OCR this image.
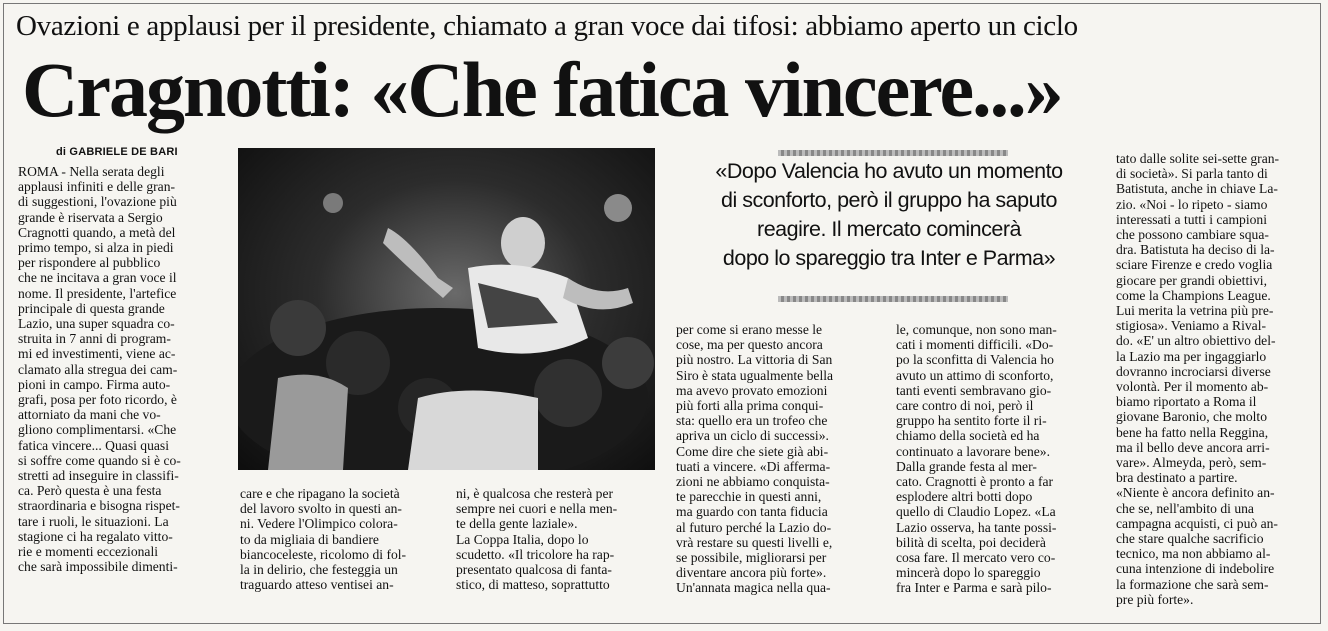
Ovazioni e applausi per il presidente, chiamato a gran voce dai tifosi: abbiamo aperto un ciclo
Cragnotti: «Che fatica vincere...»
di GABRIELE DE BARI
ROMA - Nella serata degli
applausi infiniti e delle gran-
di suggestioni, l'ovazione più
grande è riservata a Sergio
Cragnotti quando, a metà del
primo tempo, si alza in piedi
per rispondere al pubblico
che ne incitava a gran voce il
nome. Il presidente, l'artefice
principale di questa grande
Lazio, una super squadra co-
struita in 7 anni di program-
mi ed investimenti, viene ac-
clamato alla stregua dei cam-
pioni in campo. Firma auto-
grafi, posa per foto ricordo, è
attorniato da mani che vo-
gliono complimentarsi. «Che
fatica vincere... Quasi quasi
si soffre come quando si è co-
stretti ad inseguire in classifi-
ca. Però questa è una festa
straordinaria e bisogna rispet-
tare i ruoli, le situazioni. La
stagione ci ha regalato vitto-
rie e momenti eccezionali
che sarà impossibile dimenti-
care e che ripagano la società
del lavoro svolto in questi an-
ni. Vedere l'Olimpico colora-
to da migliaia di bandiere
biancoceleste, ricolomo di fol-
la in delirio, che festeggia un
traguardo atteso ventisei an-
ni, è qualcosa che resterà per
sempre nei cuori e nella men-
te della gente laziale».
La Coppa Italia, dopo lo
scudetto. «Il tricolore ha rap-
presentato qualcosa di fanta-
stico, di matteso, soprattutto
«Dopo Valencia ho avuto un momento
di sconforto, però il gruppo ha saputo
reagire. Il mercato comincerà
dopo lo spareggio tra Inter e Parma»
per come si erano messe le
cose, ma per questo ancora
più nostro. La vittoria di San
Siro è stata ugualmente bella
ma avevo provato emozioni
più forti alla prima conqui-
sta: quello era un trofeo che
apriva un ciclo di successi».
Come dire che siete già abi-
tuati a vincere. «Di afferma-
zioni ne abbiamo conquista-
te parecchie in questi anni,
ma guardo con tanta fiducia
al futuro perché la Lazio do-
vrà restare su questi livelli e,
se possibile, migliorarsi per
diventare ancora più forte».
Un'annata magica nella qua-
le, comunque, non sono man-
cati i momenti difficili. «Do-
po la sconfitta di Valencia ho
avuto un attimo di sconforto,
tanti eventi sembravano gio-
care contro di noi, però il
gruppo ha sentito forte il ri-
chiamo della società ed ha
continuato a lavorare bene».
Dalla grande festa al mer-
cato. Cragnotti è pronto a far
esplodere altri botti dopo
quello di Claudio Lopez. «La
Lazio osserva, ha tante possi-
bilità di scelta, poi deciderà
cosa fare. Il mercato vero co-
mincerà dopo lo spareggio
fra Inter e Parma e sarà pilo-
tato dalle solite sei-sette gran-
di società». Si parla tanto di
Batistuta, anche in chiave La-
zio. «Noi - lo ripeto - siamo
interessati a tutti i campioni
che possono cambiare squa-
dra. Batistuta ha deciso di la-
sciare Firenze e credo voglia
giocare per grandi obiettivi,
come la Champions League.
Lui merita la vetrina più pre-
stigiosa». Veniamo a Rival-
do. «E' un altro obiettivo del-
la Lazio ma per ingaggiarlo
dovranno incrociarsi diverse
volontà. Per il momento ab-
biamo riportato a Roma il
giovane Baronio, che molto
bene ha fatto nella Reggina,
ma il bello deve ancora arri-
vare». Almeyda, però, sem-
bra destinato a partire.
«Niente è ancora definito an-
che se, nell'ambito di una
campagna acquisti, ci può an-
che stare qualche sacrificio
tecnico, ma non abbiamo al-
cuna intenzione di indebolire
la formazione che sarà sem-
pre più forte».
